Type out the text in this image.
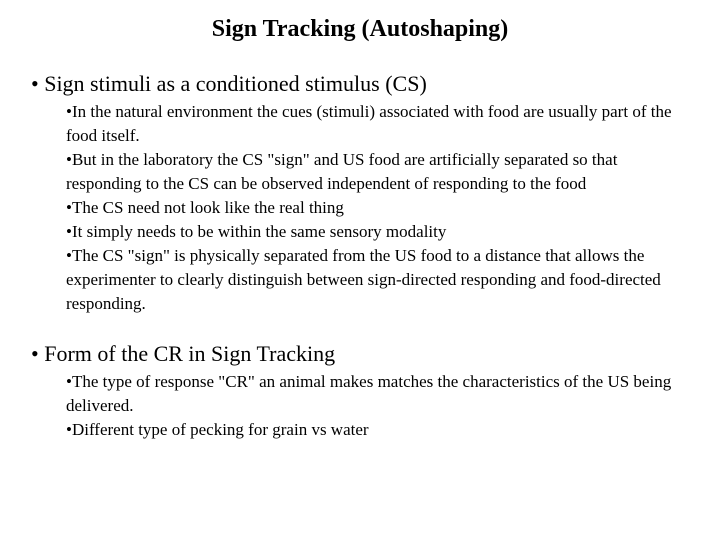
Sign Tracking (Autoshaping)
• Sign stimuli as a conditioned stimulus (CS)

•In the natural environment the cues (stimuli) associated with food are usually part of the food itself.

•But in the laboratory the CS "sign" and US food are artificially separated so that responding to the CS can be observed independent of responding to the food

•The CS need not look like the real thing

•It simply needs to be within the same sensory modality

•The CS "sign" is physically separated from the US food to a distance that allows the experimenter to clearly distinguish between sign-directed responding and food-directed responding.

• Form of the CR in Sign Tracking

•The type of response "CR" an animal makes matches the characteristics of the US being delivered.

•Different type of pecking for grain vs water
